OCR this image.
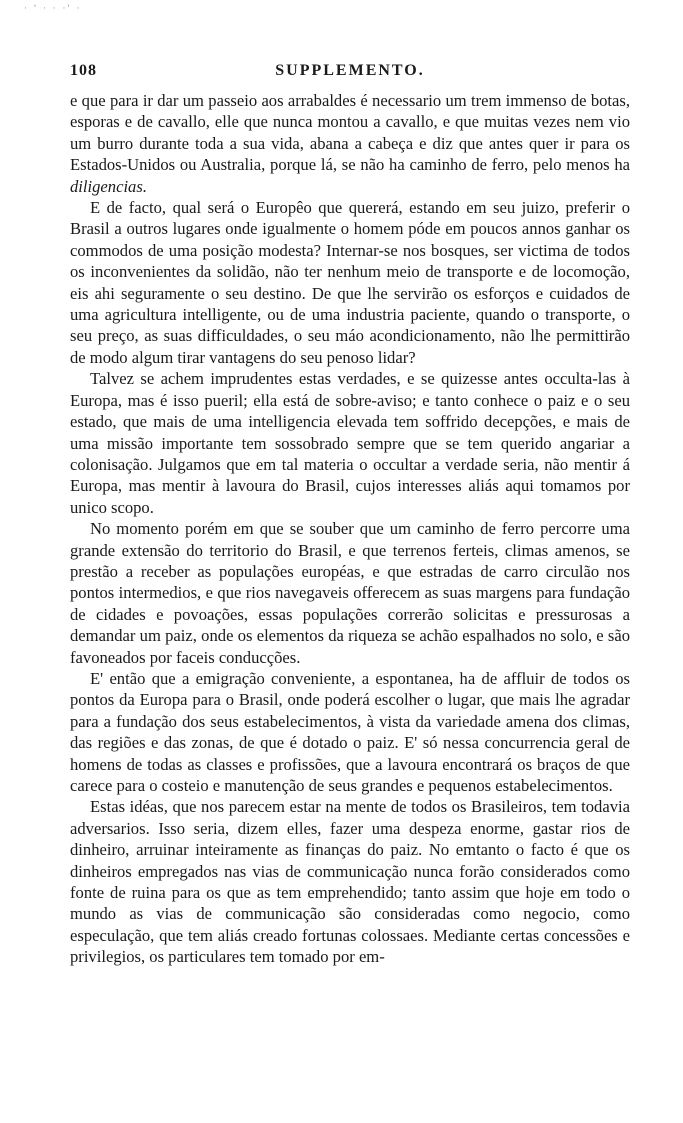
· ' · · ·' ·
108	SUPPLEMENTO.

e que para ir dar um passeio aos arrabaldes é necessario um trem immenso de botas, esporas e de cavallo, elle que nunca montou a cavallo, e que muitas vezes nem vio um burro durante toda a sua vida, abana a cabeça e diz que antes quer ir para os Estados-Unidos ou Australia, porque lá, se não ha caminho de ferro, pelo menos ha diligencias.

E de facto, qual será o Europêo que quererá, estando em seu juizo, preferir o Brasil a outros lugares onde igualmente o homem póde em poucos annos ganhar os commodos de uma posição modesta? Internar-se nos bosques, ser victima de todos os inconvenientes da solidão, não ter nenhum meio de transporte e de locomoção, eis ahi seguramente o seu destino. De que lhe servirão os esforços e cuidados de uma agricultura intelligente, ou de uma industria paciente, quando o transporte, o seu preço, as suas difficuldades, o seu máo acondicionamento, não lhe permittirão de modo algum tirar vantagens do seu penoso lidar?

Talvez se achem imprudentes estas verdades, e se quizesse antes occulta-las à Europa, mas é isso pueril; ella está de sobre-aviso; e tanto conhece o paiz e o seu estado, que mais de uma intelligencia elevada tem soffrido decepções, e mais de uma missão importante tem sossobrado sempre que se tem querido angariar a colonisação. Julgamos que em tal materia o occultar a verdade seria, não mentir á Europa, mas mentir à lavoura do Brasil, cujos interesses aliás aqui tomamos por unico scopo.

No momento porém em que se souber que um caminho de ferro percorre uma grande extensão do territorio do Brasil, e que terrenos ferteis, climas amenos, se prestão a receber as populações européas, e que estradas de carro circulão nos pontos intermedios, e que rios navegaveis offerecem as suas margens para fundação de cidades e povoações, essas populações correrão solicitas e pressurosas a demandar um paiz, onde os elementos da riqueza se achão espalhados no solo, e são favoneados por faceis conducções.

E' então que a emigração conveniente, a espontanea, ha de affluir de todos os pontos da Europa para o Brasil, onde poderá escolher o lugar, que mais lhe agradar para a fundação dos seus estabelecimentos, à vista da variedade amena dos climas, das regiões e das zonas, de que é dotado o paiz. E' só nessa concurrencia geral de homens de todas as classes e profissões, que a lavoura encontrará os braços de que carece para o costeio e manutenção de seus grandes e pequenos estabelecimentos.

Estas idéas, que nos parecem estar na mente de todos os Brasileiros, tem todavia adversarios. Isso seria, dizem elles, fazer uma despeza enorme, gastar rios de dinheiro, arruinar inteiramente as finanças do paiz. No emtanto o facto é que os dinheiros empregados nas vias de communicação nunca forão considerados como fonte de ruina para os que as tem emprehendido; tanto assim que hoje em todo o mundo as vias de communicação são consideradas como negocio, como especulação, que tem aliás creado fortunas colossaes. Mediante certas concessões e privilegios, os particulares tem tomado por em-
